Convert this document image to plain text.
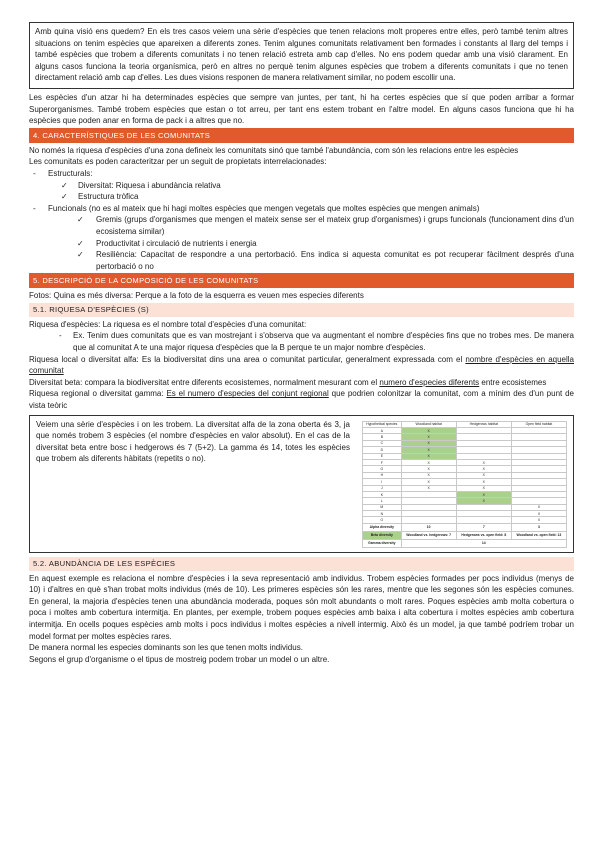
Amb quina visió ens quedem? En els tres casos veiem una sèrie d'espècies que tenen relacions molt properes entre elles, però també tenim altres situacions on tenim espècies que apareixen a diferents zones. Tenim algunes comunitats relativament ben formades i constants al llarg del temps i també espècies que trobem a diferents comunitats i no tenen relació estreta amb cap d'elles. No ens podem quedar amb una visió clarament. En alguns casos funciona la teoria organísmica, però en altres no perquè tenim algunes espècies que trobem a diferents comunitats i que no tenen directament relació amb cap d'elles. Les dues visions responen de manera relativament similar, no podem escollir una.

Les espècies d'un atzar hi ha determinades espècies que sempre van juntes, per tant, hi ha certes espècies que sí que poden arribar a formar Superorganismes. També trobem espècies que estan o tot arreu, per tant ens estem trobant en l'altre model. En alguns casos funciona que hi ha espècies que poden anar en forma de pack i a altres que no.

4. CARACTERÍSTIQUES DE LES COMUNITATS

No només la riquesa d'espècies d'una zona defineix les comunitats sinó que també l'abundància, com són les relacions entre les espècies

Les comunitats es poden caracteritzar per un seguit de propietats interrelacionades:

- Estructurals:
✓ Diversitat: Riquesa i abundància relativa
✓ Estructura tròfica
- Funcionals (no es al mateix que hi hagi moltes espècies que mengen vegetals que moltes espècies que mengen animals)
✓ Gremis (grups d'organismes que mengen el mateix sense ser el mateix grup d'organismes) i grups funcionals (funcionament dins d'un ecosistema similar)
✓ Productivitat i circulació de nutrients i energia
✓ Resiliència: Capacitat de respondre a una pertorbació. Ens indica si aquesta comunitat es pot recuperar fàcilment després d'una pertorbació o no
5. DESCRIPCIÓ DE LA COMPOSICIÓ DE LES COMUNITATS

Fotos: Quina es més diversa: Perque a la foto de la esquerra es veuen mes especies diferents

5.1. RIQUESA D'ESPÈCIES (S)

Riquesa d'espècies: La riquesa es el nombre total d'espècies d'una comunitat:

- Ex. Tenim dues comunitats que es van mostrejant i s'observa que va augmentant el nombre d'espècies fins que no trobes mes. De manera que al comunitat A te una major riquesa d'espècies que la B perque te un major nombre d'espècies.

Riquesa local o diversitat alfa: Es la biodiversitat dins una area o comunitat particular, generalment expressada com el nombre d'espècies en aquella comunitat

Diversitat beta: compara la biodiversitat entre diferents ecosistemes, normalment mesurant com el numero d'especies diferents entre ecosistemes

Riquesa regional o diversitat gamma: Es el numero d'especies del conjunt regional que podrien colonitzar la comunitat, com a mínim des d'un punt de vista teòric

Veiem una sèrie d'espècies i on les trobem. La diversitat alfa de la zona oberta és 3, ja que només trobem 3 espècies (el nombre d'espècies en valor absolut). En el cas de la diversitat beta entre bosc i hedgerows és 7 (5+2). La gamma és 14, totes les espècies que trobem als diferents hàbitats (repetits o no).
Hypothetical species	Woodland habitat	Hedgerows habitat	Open field habitat
A	X		
B	X		
C	X		
D	X		
E	X		
F	X	X	
G	X	X	
H	X	X	
I	X	X	
J	X	X	
K		X	
L		X	
M			X
N			X
O			X
Alpha diversity	10	7	3
Beta diversity	Woodland vs. hedgerows: 7	Hedgerows vs. open field: 8	Woodland vs. open field: 13
Gamma diversity	14		
5.2. ABUNDÀNCIA DE LES ESPÈCIES

En aquest exemple es relaciona el nombre d'espècies i la seva representació amb individus. Trobem espècies formades per pocs individus (menys de 10) i d'altres en què s'han trobat molts individus (més de 10). Les primeres espècies són les rares, mentre que les segones són les espècies comunes. En general, la majoria d'espècies tenen una abundància moderada, poques són molt abundants o molt rares. Poques espècies amb molta cobertura o poca i moltes amb cobertura intermitja. En plantes, per exemple, trobem poques espècies amb baixa i alta cobertura i moltes espècies amb cobertura intermitja. En ocells poques espècies amb molts i pocs individus i moltes espècies a nivell intermig. Això és un model, ja que també podríem trobar un model format per moltes espècies rares.

De manera normal les especies dominants son les que tenen molts individus.

Segons el grup d'organisme o el tipus de mostreig podem trobar un model o un altre.
